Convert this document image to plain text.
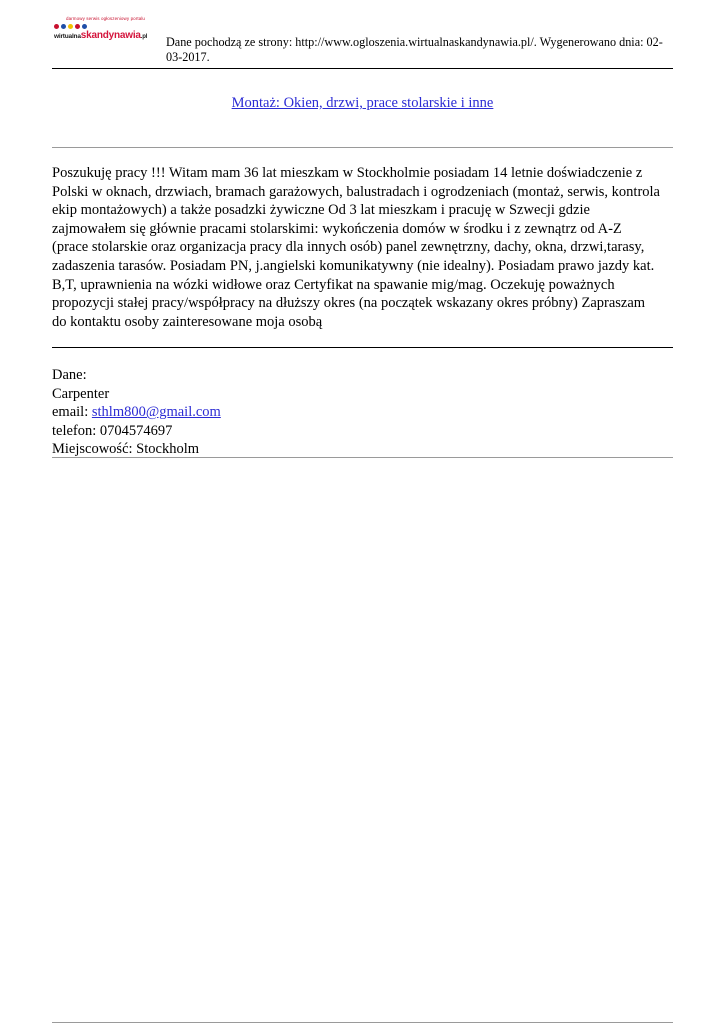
darmowy serwis ogłoszeniowy portalu
wirtualnaskandynawia.pl Dane pochodzą ze strony: http://www.ogloszenia.wirtualnaskandynawia.pl/. Wygenerowano dnia: 02-03-2017.
Montaż: Okien, drzwi, prace stolarskie i inne
Poszukuję pracy !!! Witam mam 36 lat mieszkam w Stockholmie posiadam 14 letnie doświadczenie z
Polski w oknach, drzwiach, bramach garażowych, balustradach i ogrodzeniach (montaż, serwis, kontrola
ekip montażowych) a także posadzki żywiczne Od 3 lat mieszkam i pracuję w Szwecji gdzie
zajmowałem się głównie pracami stolarskimi: wykończenia domów w środku i z zewnątrz od A-Z
(prace stolarskie oraz organizacja pracy dla innych osób) panel zewnętrzny, dachy, okna, drzwi,tarasy,
zadaszenia tarasów. Posiadam PN, j.angielski komunikatywny (nie idealny). Posiadam prawo jazdy kat.
B,T, uprawnienia na wózki widłowe oraz Certyfikat na spawanie mig/mag. Oczekuję poważnych
propozycji stałej pracy/współpracy na dłuższy okres (na początek wskazany okres próbny) Zapraszam
do kontaktu osoby zainteresowane moja osobą
Dane:
Carpenter
email: sthlm800@gmail.com
telefon: 0704574697
Miejscowość: Stockholm
